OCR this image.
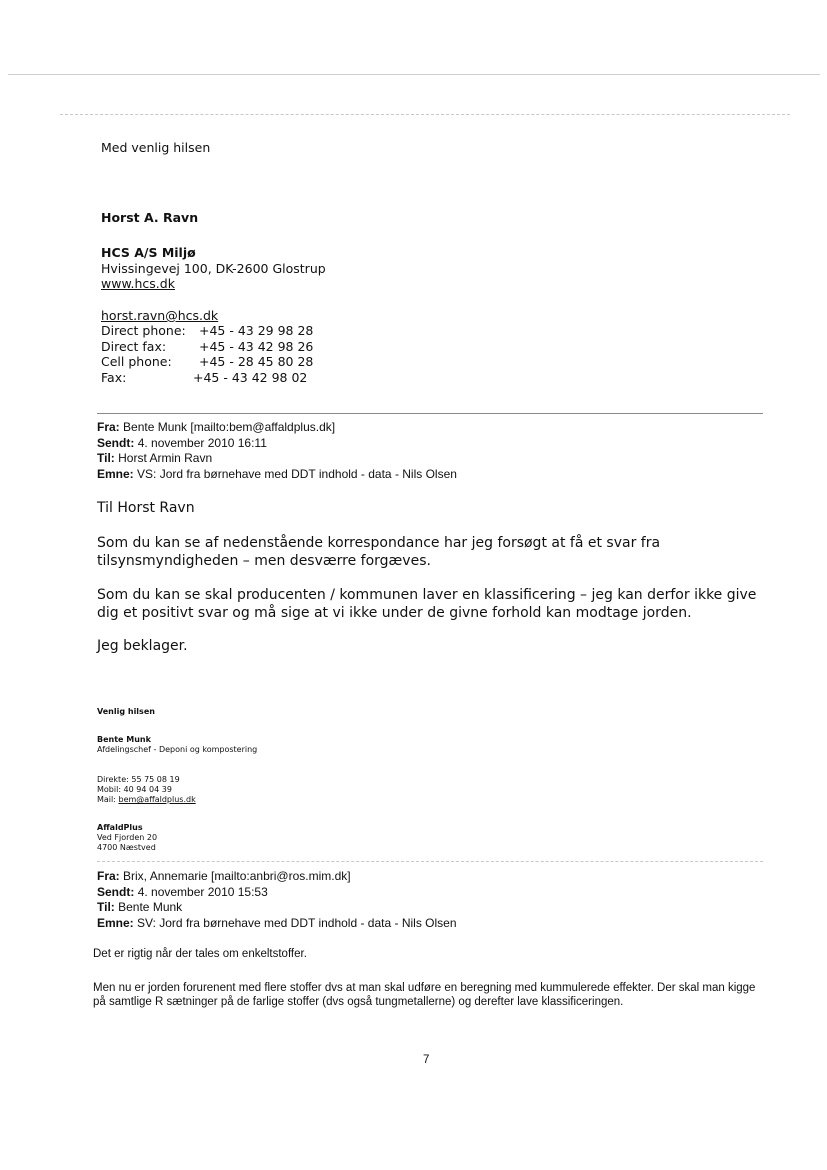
Med venlig hilsen
Horst A. Ravn
HCS A/S Miljø
Hvissingevej 100, DK-2600 Glostrup
www.hcs.dk
horst.ravn@hcs.dk
Direct phone:	+45 - 43 29 98 28
Direct fax:	+45 - 43 42 98 26
Cell phone:	+45 - 28 45 80 28
Fax:	+45 - 43 42 98 02
Fra: Bente Munk [mailto:bem@affaldplus.dk]
Sendt: 4. november 2010 16:11
Til: Horst Armin Ravn
Emne: VS: Jord fra børnehave med DDT indhold - data - Nils Olsen
Til Horst Ravn
Som du kan se af nedenstående korrespondance har jeg forsøgt at få et svar fra tilsynsmyndigheden – men desværre forgæves.
Som du kan se skal producenten / kommunen laver en klassificering – jeg kan derfor ikke give dig et positivt svar og må sige at vi ikke under de givne forhold kan modtage jorden.
Jeg beklager.
Venlig hilsen
Bente Munk
Afdelingschef - Deponi og kompostering
Direkte: 55 75 08 19
Mobil: 40 94 04 39
Mail: bem@affaldplus.dk
AffaldPlus
Ved Fjorden 20
4700 Næstved
Fra: Brix, Annemarie [mailto:anbri@ros.mim.dk]
Sendt: 4. november 2010 15:53
Til: Bente Munk
Emne: SV: Jord fra børnehave med DDT indhold - data - Nils Olsen
Det er rigtig når der tales om enkeltstoffer.
Men nu er jorden forurenent med flere stoffer dvs at man skal udføre en beregning med kummulerede effekter. Der skal man kigge på samtlige R sætninger på de farlige stoffer (dvs også tungmetallerne) og derefter lave klassificeringen.
7
